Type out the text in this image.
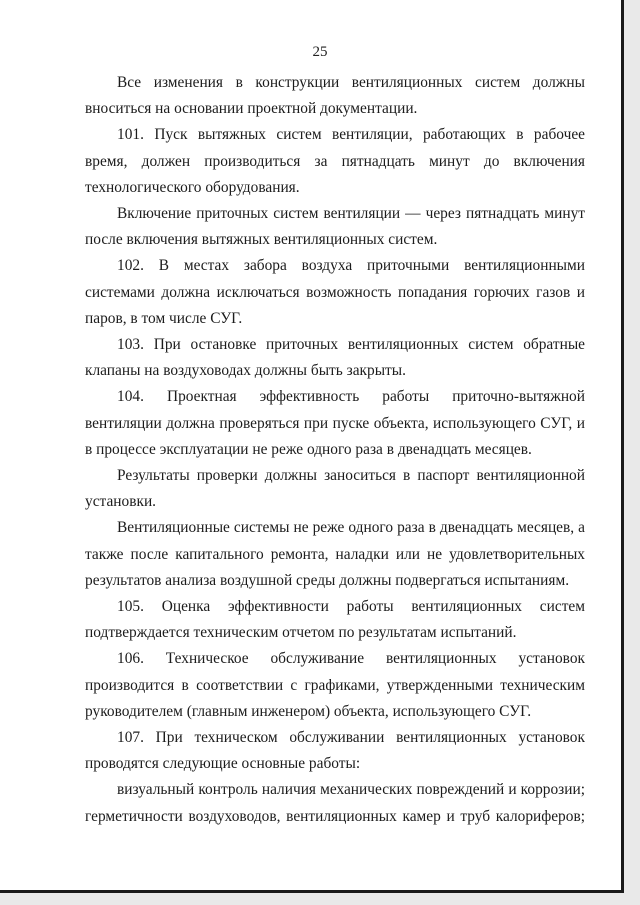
25

Все изменения в конструкции вентиляционных систем должны вноситься на основании проектной документации.

101. Пуск вытяжных систем вентиляции, работающих в рабочее время, должен производиться за пятнадцать минут до включения технологического оборудования.

Включение приточных систем вентиляции — через пятнадцать минут после включения вытяжных вентиляционных систем.

102. В местах забора воздуха приточными вентиляционными системами должна исключаться возможность попадания горючих газов и паров, в том числе СУГ.

103. При остановке приточных вентиляционных систем обратные клапаны на воздуховодах должны быть закрыты.

104. Проектная эффективность работы приточно-вытяжной вентиляции должна проверяться при пуске объекта, использующего СУГ, и в процессе эксплуатации не реже одного раза в двенадцать месяцев.

Результаты проверки должны заноситься в паспорт вентиляционной установки.

Вентиляционные системы не реже одного раза в двенадцать месяцев, а также после капитального ремонта, наладки или не удовлетворительных результатов анализа воздушной среды должны подвергаться испытаниям.

105. Оценка эффективности работы вентиляционных систем подтверждается техническим отчетом по результатам испытаний.

106. Техническое обслуживание вентиляционных установок производится в соответствии с графиками, утвержденными техническим руководителем (главным инженером) объекта, использующего СУГ.

107. При техническом обслуживании вентиляционных установок проводятся следующие основные работы:

визуальный контроль наличия механических повреждений и коррозии; герметичности воздуховодов, вентиляционных камер и труб калориферов;
